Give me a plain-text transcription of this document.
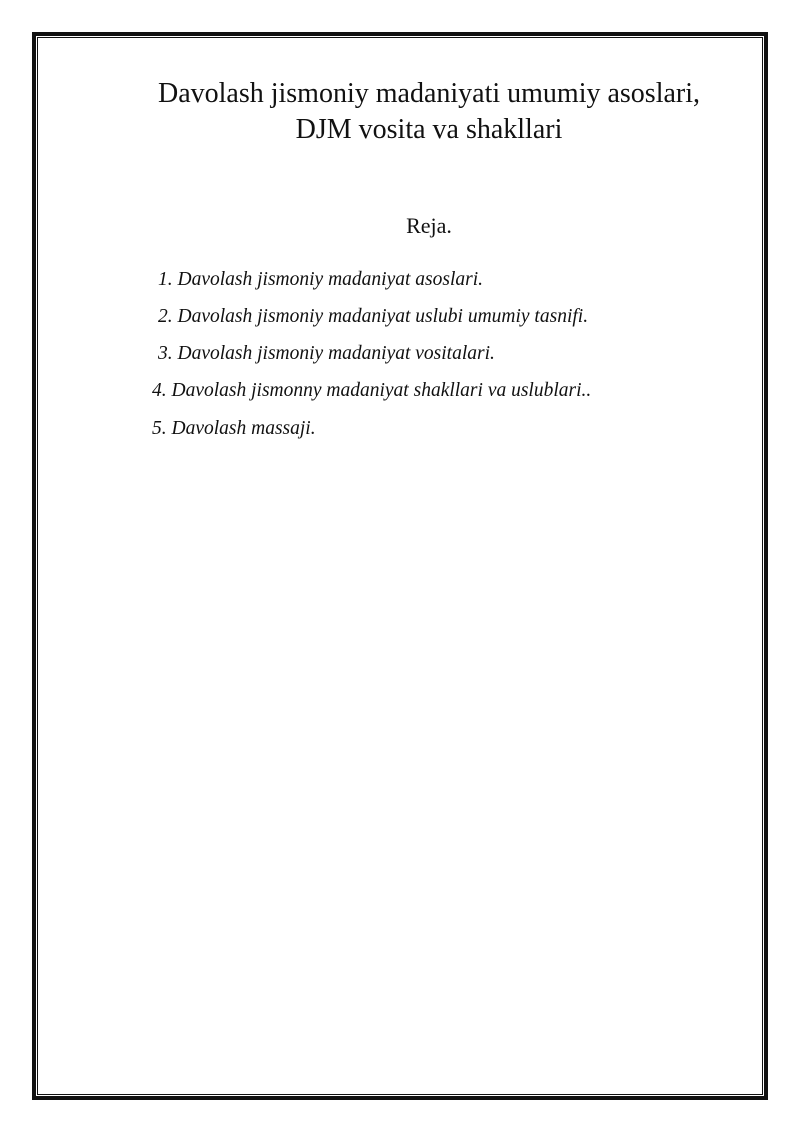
Davolash jismoniy madaniyati umumiy asoslari,
DJM vosita va shakllari

Reja.

1. Davolash jismoniy madaniyat asoslari.
2. Davolash jismoniy madaniyat uslubi umumiy tasnifi.
3. Davolash jismoniy madaniyat vositalari.
4. Davolash jismonny madaniyat shakllari va uslublari..
5. Davolash massaji.
